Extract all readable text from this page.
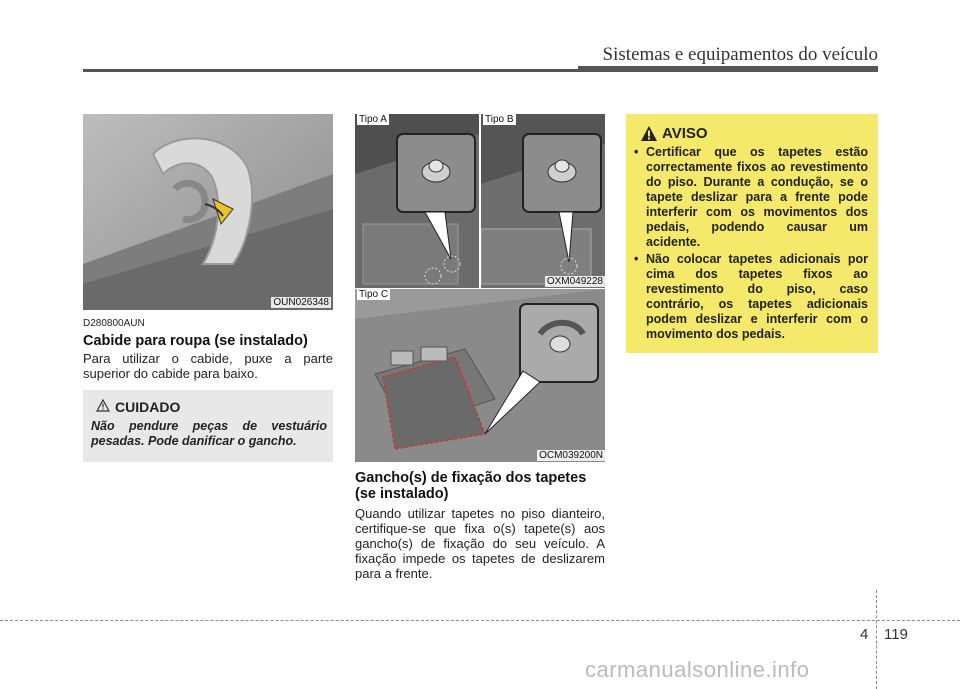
Sistemas e equipamentos do veículo
OUN026348
D280800AUN
Cabide para roupa (se instalado)

Para utilizar o cabide, puxe a parte superior do cabide para baixo.

CUIDADO
Não pendure peças de vestuário pesadas. Pode danificar o gancho.
Tipo A	Tipo B
OXM049228
Tipo C
OCM039200N
Gancho(s) de fixação dos tapetes
(se instalado)

Quando utilizar tapetes no piso dianteiro, certifique-se que fixa o(s) tapete(s) aos gancho(s) de fixação do seu veículo. A fixação impede os tapetes de deslizarem para a frente.

AVISO
• Certificar que os tapetes estão correctamente fixos ao revestimento do piso. Durante a condução, se o tapete deslizar para a frente pode interferir com os movimentos dos pedais, podendo causar um acidente.
• Não colocar tapetes adicionais por cima dos tapetes fixos ao revestimento do piso, caso contrário, os tapetes adicionais podem deslizar e interferir com o movimento dos pedais.
4 119
carmanualsonline.info
